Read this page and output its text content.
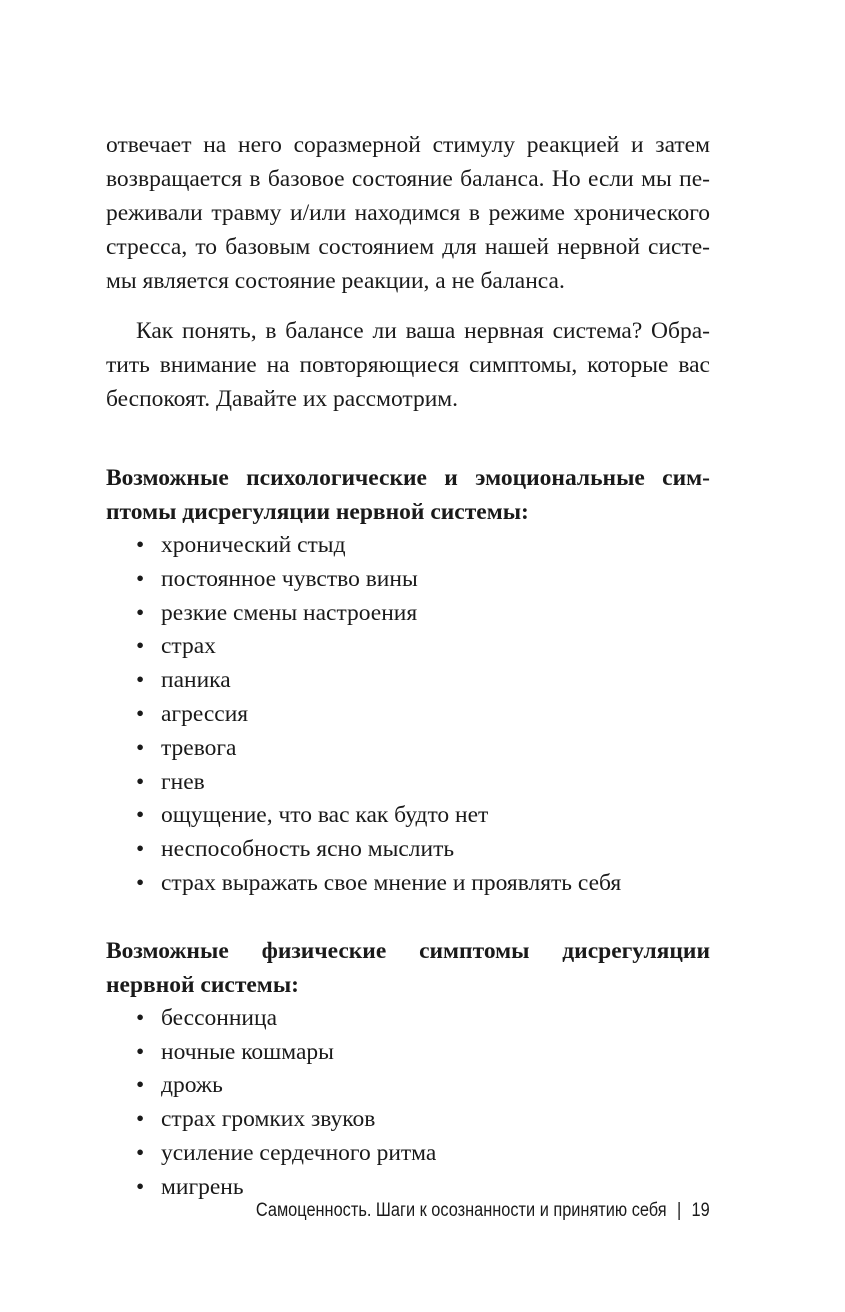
отвечает на него соразмерной стимулу реакцией и затем
возвращается в базовое состояние баланса. Но если мы пе-
реживали травму и/или находимся в режиме хронического
стресса, то базовым состоянием для нашей нервной систе-
мы является состояние реакции, а не баланса.

Как понять, в балансе ли ваша нервная система? Обра-
тить внимание на повторяющиеся симптомы, которые вас
беспокоят. Давайте их рассмотрим.

Возможные психологические и эмоциональные сим-
птомы дисрегуляции нервной системы:
• хронический стыд
• постоянное чувство вины
• резкие смены настроения
• страх
• паника
• агрессия
• тревога
• гнев
• ощущение, что вас как будто нет
• неспособность ясно мыслить
• страх выражать свое мнение и проявлять себя
Возможные физические симптомы дисрегуляции
нервной системы:
• бессонница
• ночные кошмары
• дрожь
• страх громких звуков
• усиление сердечного ритма
• мигрень
Самоценность. Шаги к осознанности и принятию себя | 19
